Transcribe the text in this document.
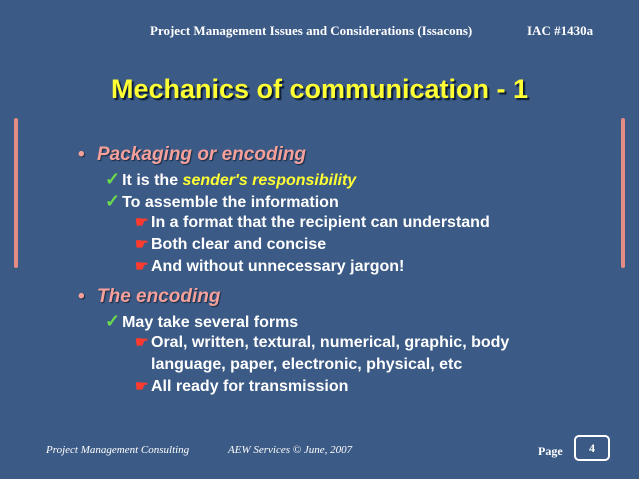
Project Management Issues and Considerations (Issacons)	IAC #1430a
Mechanics of communication - 1
• Packaging or encoding
✓ It is the sender's responsibility
✓ To assemble the information
☛ In a format that the recipient can understand
☛ Both clear and concise
☛ And without unnecessary jargon!
• The encoding
✓ May take several forms
☛ Oral, written, textural, numerical, graphic, body language, paper, electronic, physical, etc
☛ All ready for transmission
Project Management Consulting	AEW Services © June, 2007	Page	4
